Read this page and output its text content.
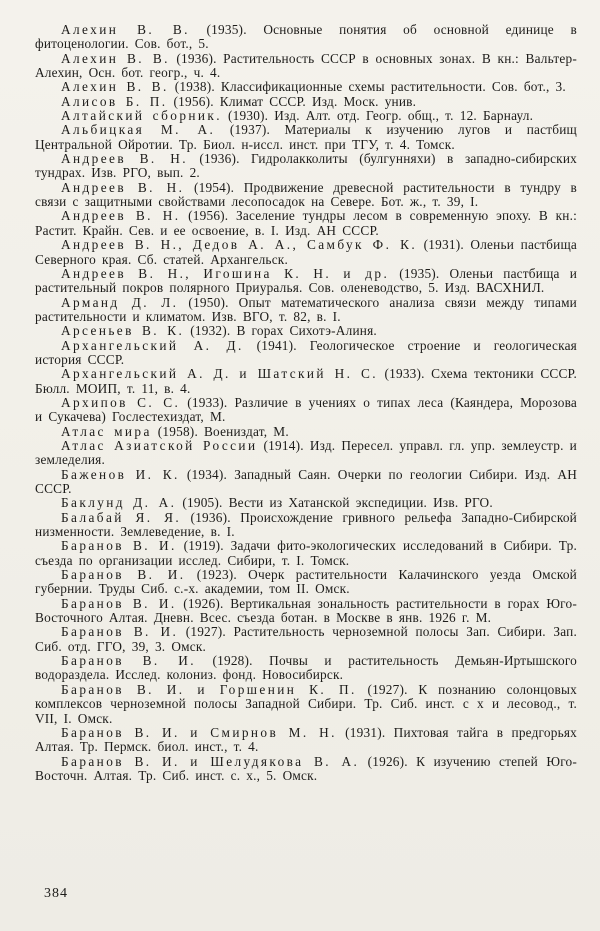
Алехин В. В. (1935). Основные понятия об основной единице в фитоценологии. Сов. бот., 5.

Алехин В. В. (1936). Растительность СССР в основных зонах. В кн.: Вальтер-Алехин, Осн. бот. геогр., ч. 4.

Алехин В. В. (1938). Классификационные схемы растительности. Сов. бот., 3.

Алисов Б. П. (1956). Климат СССР. Изд. Моск. унив.

Алтайский сборник. (1930). Изд. Алт. отд. Геогр. общ., т. 12. Барнаул.

Альбицкая М. А. (1937). Материалы к изучению лугов и пастбищ Центральной Ойротии. Тр. Биол. н-иссл. инст. при ТГУ, т. 4. Томск.

Андреев В. Н. (1936). Гидролакколиты (булгунняхи) в западно-сибирских тундрах. Изв. РГО, вып. 2.

Андреев В. Н. (1954). Продвижение древесной растительности в тундру в связи с защитными свойствами лесопосадок на Севере. Бот. ж., т. 39, I.

Андреев В. Н. (1956). Заселение тундры лесом в современную эпоху. В кн.: Растит. Крайн. Сев. и ее освоение, в. I. Изд. АН СССР.

Андреев В. Н., Дедов А. А., Самбук Ф. К. (1931). Оленьи пастбища Северного края. Сб. статей. Архангельск.

Андреев В. Н., Игошина К. Н. и др. (1935). Оленьи пастбища и растительный покров полярного Приуралья. Сов. оленеводство, 5. Изд. ВАСХНИЛ.

Арманд Д. Л. (1950). Опыт математического анализа связи между типами растительности и климатом. Изв. ВГО, т. 82, в. I.

Арсеньев В. К. (1932). В горах Сихотэ-Алиня.

Архангельский А. Д. (1941). Геологическое строение и геологическая история СССР.

Архангельский А. Д. и Шатский Н. С. (1933). Схема тектоники СССР. Бюлл. МОИП, т. 11, в. 4.

Архипов С. С. (1933). Различие в учениях о типах леса (Каяндера, Морозова и Сукачева) Гослестехиздат, М.

Атлас мира (1958). Воениздат, М.

Атлас Азиатской России (1914). Изд. Пересел. управл. гл. упр. землеустр. и земледелия.

Баженов И. К. (1934). Западный Саян. Очерки по геологии Сибири. Изд. АН СССР.

Баклунд Д. А. (1905). Вести из Хатанской экспедиции. Изв. РГО.

Балабай Я. Я. (1936). Происхождение гривного рельефа Западно-Сибирской низменности. Землеведение, в. I.

Баранов В. И. (1919). Задачи фито-экологических исследований в Сибири. Тр. съезда по организации исслед. Сибири, т. I. Томск.

Баранов В. И. (1923). Очерк растительности Калачинского уезда Омской губернии. Труды Сиб. с.-х. академии, том II. Омск.

Баранов В. И. (1926). Вертикальная зональность растительности в горах Юго-Восточного Алтая. Дневн. Всес. съезда ботан. в Москве в янв. 1926 г. М.

Баранов В. И. (1927). Растительность черноземной полосы Зап. Сибири. Зап. Сиб. отд. ГГО, 39, 3. Омск.

Баранов В. И. (1928). Почвы и растительность Демьян-Иртышского водораздела. Исслед. колониз. фонд. Новосибирск.

Баранов В. И. и Горшенин К. П. (1927). К познанию солонцовых комплексов черноземной полосы Западной Сибири. Тр. Сиб. инст. с х и лесовод., т. VII, I. Омск.

Баранов В. И. и Смирнов М. Н. (1931). Пихтовая тайга в предгорьях Алтая. Тр. Пермск. биол. инст., т. 4.

Баранов В. И. и Шелудякова В. А. (1926). К изучению степей Юго-Восточн. Алтая. Тр. Сиб. инст. с. х., 5. Омск.

384
